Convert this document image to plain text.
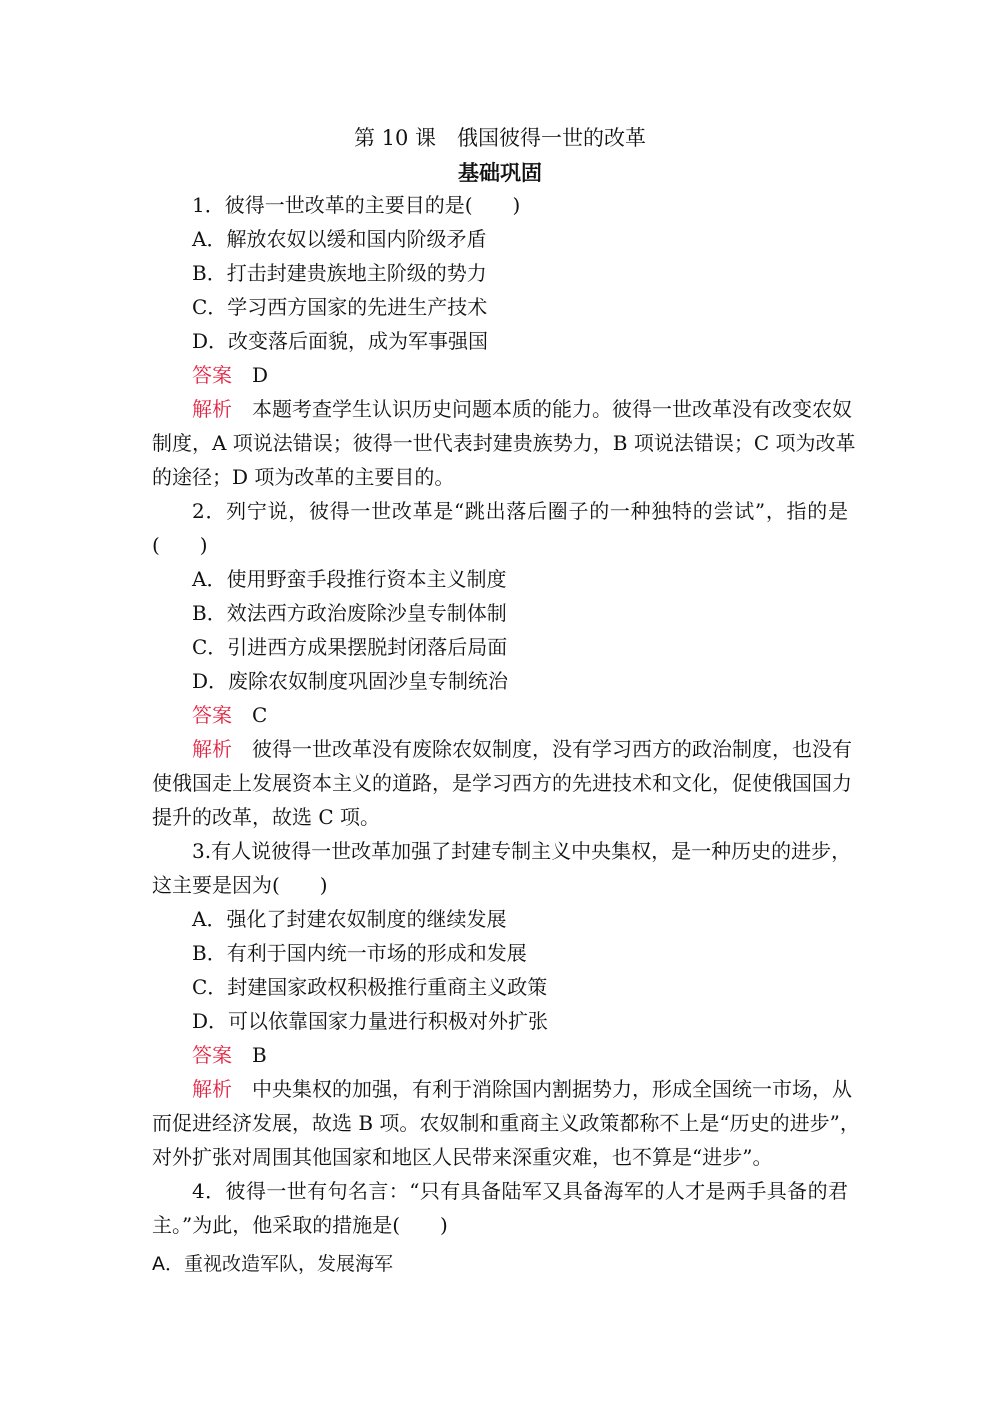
第 10 课　俄国彼得一世的改革
基础巩固
1．彼得一世改革的主要目的是(　　)
A．解放农奴以缓和国内阶级矛盾
B．打击封建贵族地主阶级的势力
C．学习西方国家的先进生产技术
D．改变落后面貌，成为军事强国
答案 D
解析 本题考查学生认识历史问题本质的能力。彼得一世改革没有改变农奴
制度，A 项说法错误；彼得一世代表封建贵族势力，B 项说法错误；C 项为改革
的途径；D 项为改革的主要目的。
2．列宁说，彼得一世改革是“跳出落后圈子的一种独特的尝试”，指的是
(　　)
A．使用野蛮手段推行资本主义制度
B．效法西方政治废除沙皇专制体制
C．引进西方成果摆脱封闭落后局面
D．废除农奴制度巩固沙皇专制统治
答案 C
解析 彼得一世改革没有废除农奴制度，没有学习西方的政治制度，也没有
使俄国走上发展资本主义的道路，是学习西方的先进技术和文化，促使俄国国力
提升的改革，故选 C 项。
3.有人说彼得一世改革加强了封建专制主义中央集权，是一种历史的进步，
这主要是因为(　　)
A．强化了封建农奴制度的继续发展
B．有利于国内统一市场的形成和发展
C．封建国家政权积极推行重商主义政策
D．可以依靠国家力量进行积极对外扩张
答案 B
解析 中央集权的加强，有利于消除国内割据势力，形成全国统一市场，从
而促进经济发展，故选 B 项。农奴制和重商主义政策都称不上是“历史的进步”，
对外扩张对周围其他国家和地区人民带来深重灾难，也不算是“进步”。
4．彼得一世有句名言：“只有具备陆军又具备海军的人才是两手具备的君
主。”为此，他采取的措施是(　　)
A．重视改造军队，发展海军
